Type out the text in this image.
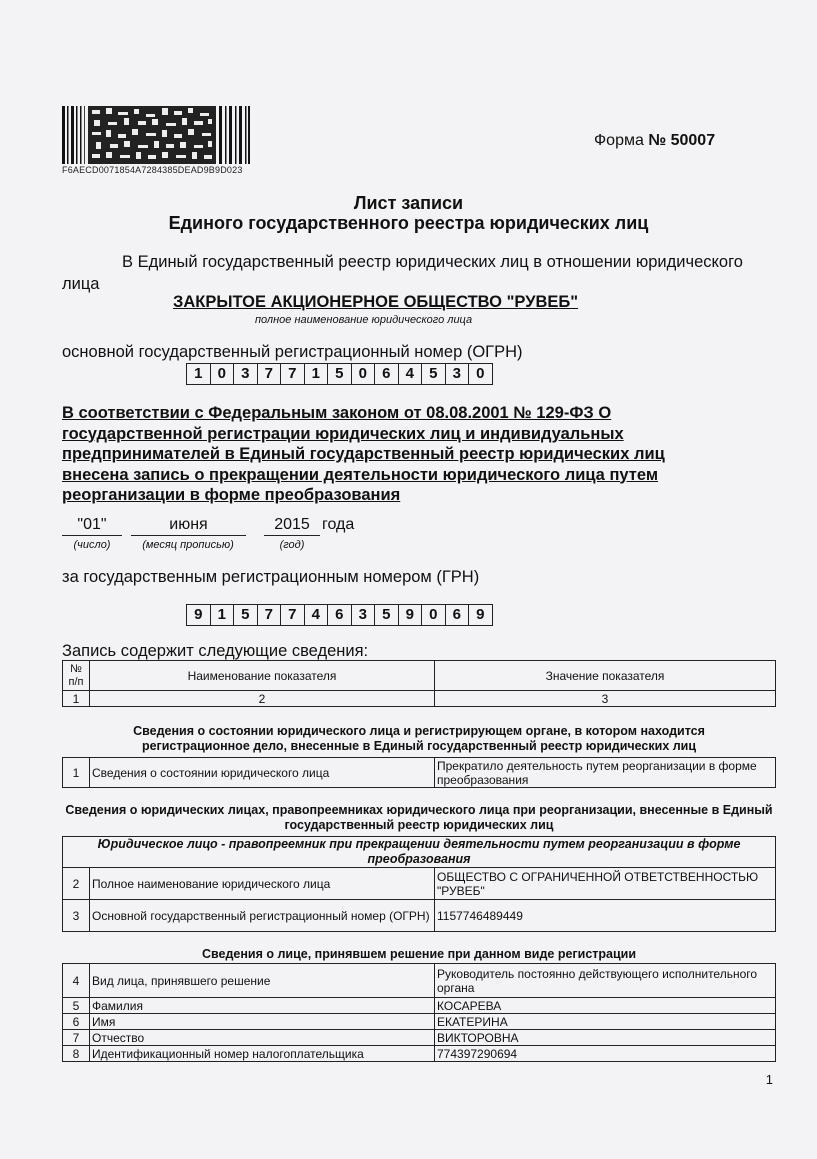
F6AECD0071854A7284385DEAD9B9D023
Форма № 50007
Лист записи
Единого государственного реестра юридических лиц
В Единый государственный реестр юридических лиц в отношении юридического
лица
ЗАКРЫТОЕ АКЦИОНЕРНОЕ ОБЩЕСТВО "РУВЕБ"
полное наименование юридического лица
основной государственный регистрационный номер (ОГРН)
1	0	3	7	7	1	5	0	6	4	5	3	0
В соответствии с Федеральным законом от 08.08.2001 № 129-ФЗ О
государственной регистрации юридических лиц и индивидуальных
предпринимателей в Единый государственный реестр юридических лиц
внесена запись о прекращении деятельности юридического лица путем
реорганизации в форме преобразования
"01"	июня	2015 года
(число)	(месяц прописью)	(год)
за государственным регистрационным номером (ГРН)
9	1	5	7	7	4	6	3	5	9	0	6	9
Запись содержит следующие сведения:
№ п/п	Наименование показателя	Значение показателя
1	2	3
Сведения о состоянии юридического лица и регистрирующем органе, в котором находится регистрационное дело, внесенные в Единый государственный реестр юридических лиц
1	Сведения о состоянии юридического лица	Прекратило деятельность путем реорганизации в форме преобразования
Сведения о юридических лицах, правопреемниках юридического лица при реорганизации, внесенные в Единый государственный реестр юридических лиц
Юридическое лицо - правопреемник при прекращении деятельности путем реорганизации в форме преобразования		
2	Полное наименование юридического лица	ОБЩЕСТВО С ОГРАНИЧЕННОЙ ОТВЕТСТВЕННОСТЬЮ "РУВЕБ"
3	Основной государственный регистрационный номер (ОГРН)	1157746489449
Сведения о лице, принявшем решение при данном виде регистрации
4	Вид лица, принявшего решение	Руководитель постоянно действующего исполнительного органа
5	Фамилия	КОСАРЕВА
6	Имя	ЕКАТЕРИНА
7	Отчество	ВИКТОРОВНА
8	Идентификационный номер налогоплательщика	774397290694
1
